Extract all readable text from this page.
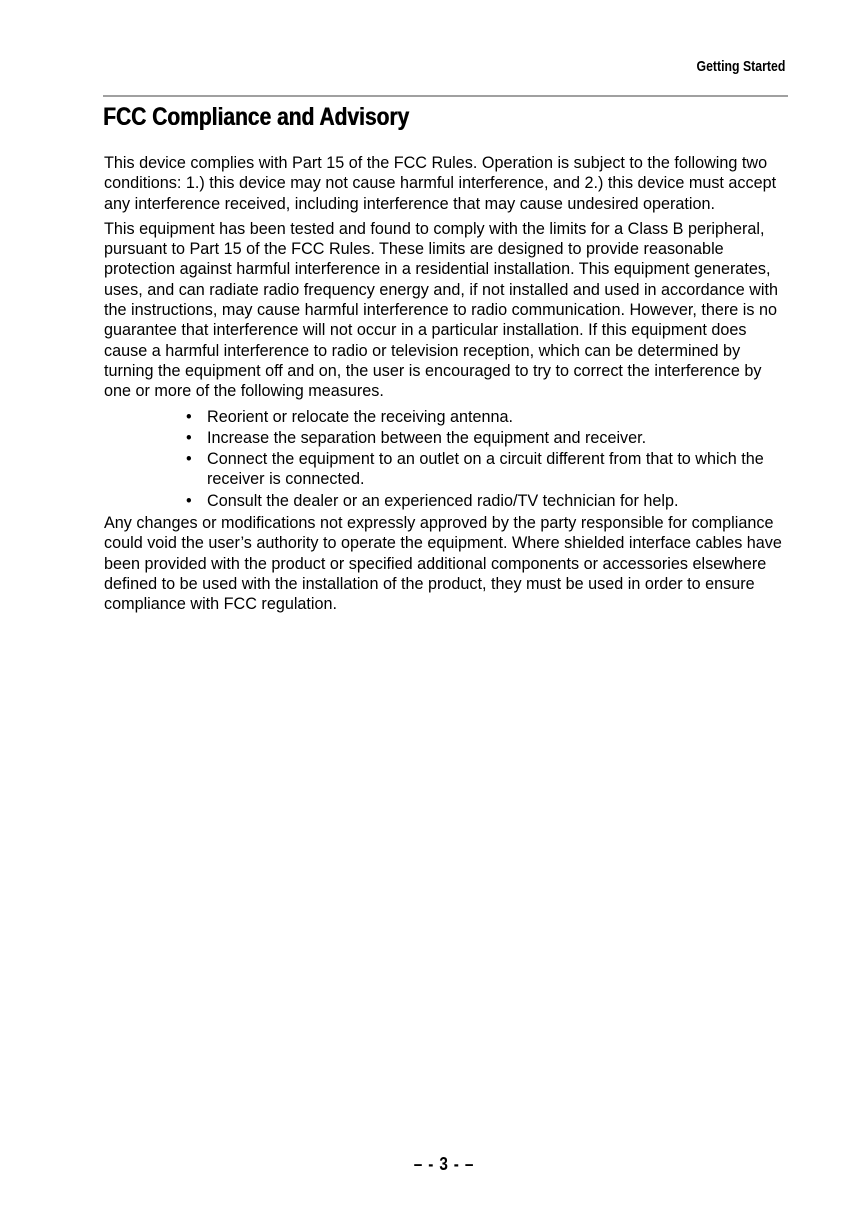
Getting Started
FCC Compliance and Advisory

This device complies with Part 15 of the FCC Rules. Operation is subject to the following two conditions: 1.) this device may not cause harmful interference, and 2.) this device must accept any interference received, including interference that may cause undesired operation.

This equipment has been tested and found to comply with the limits for a Class B peripheral, pursuant to Part 15 of the FCC Rules. These limits are designed to provide reasonable protection against harmful interference in a residential installation. This equipment generates, uses, and can radiate radio frequency energy and, if not installed and used in accordance with the instructions, may cause harmful interference to radio communication. However, there is no guarantee that interference will not occur in a particular installation. If this equipment does cause a harmful interference to radio or television reception, which can be determined by turning the equipment off and on, the user is encouraged to try to correct the interference by one or more of the following measures.

• Reorient or relocate the receiving antenna.
• Increase the separation between the equipment and receiver.
• Connect the equipment to an outlet on a circuit different from that to which the receiver is connected.
• Consult the dealer or an experienced radio/TV technician for help.

Any changes or modifications not expressly approved by the party responsible for compliance could void the user’s authority to operate the equipment. Where shielded interface cables have been provided with the product or specified additional components or accessories elsewhere defined to be used with the installation of the product, they must be used in order to ensure compliance with FCC regulation.

– - 3 - –
